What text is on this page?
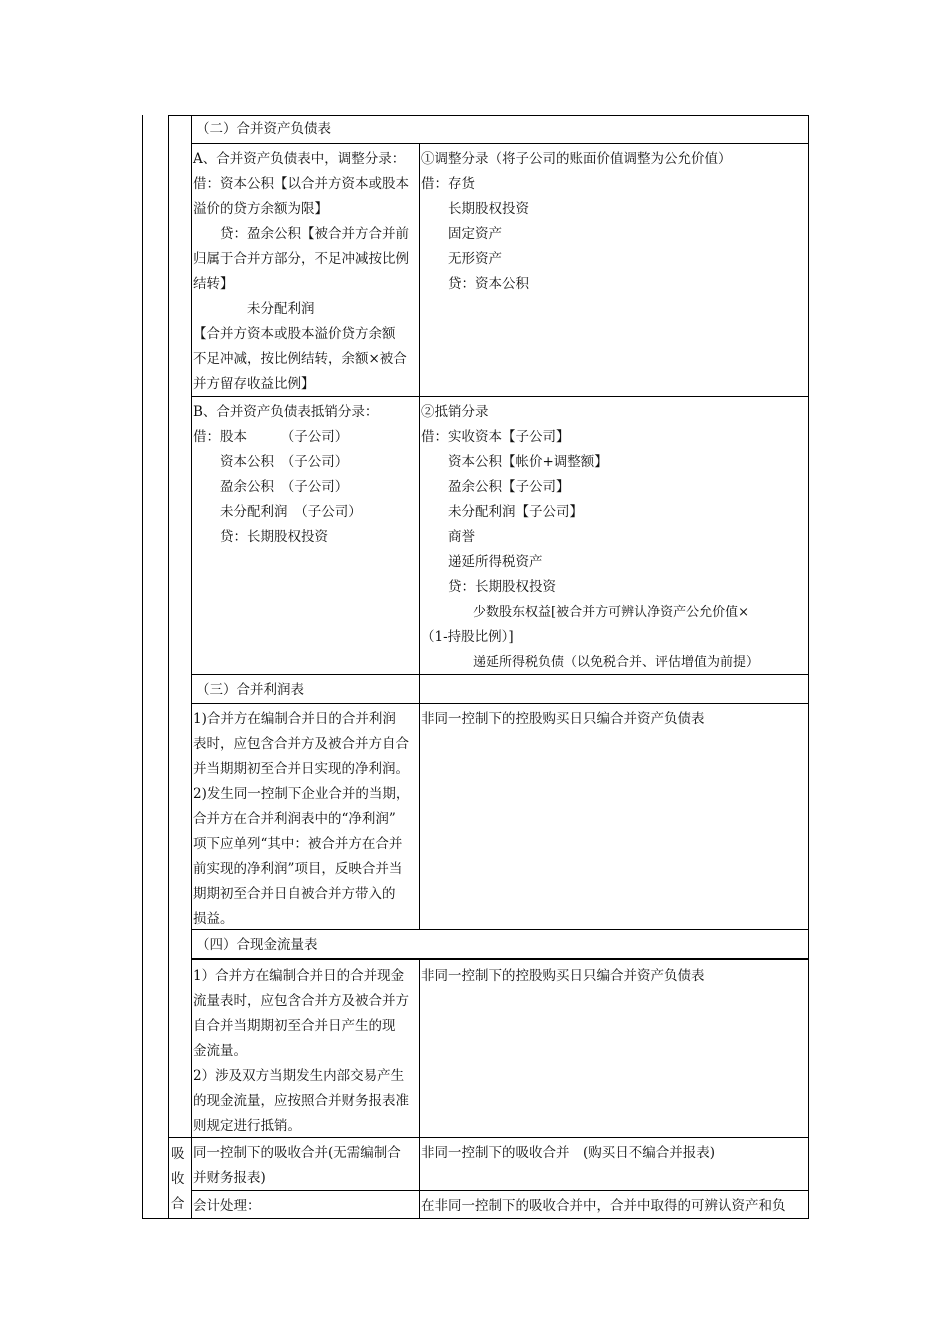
（二）合并资产负债表
A、合并资产负债表中，调整分录：
借：资本公积【以合并方资本或股本
溢价的贷方余额为限】
　　贷：盈余公积【被合并方合并前
归属于合并方部分，不足冲减按比例
结转】
　　　　未分配利润
【合并方资本或股本溢价贷方余额
不足冲减，按比例结转，余额×被合
并方留存收益比例】
①调整分录（将子公司的账面价值调整为公允价值）
借：存货
　　长期股权投资
　　固定资产
　　无形资产
　　贷：资本公积
B、合并资产负债表抵销分录：
借：股本　　　（子公司）
　　资本公积　（子公司）
　　盈余公积　（子公司）
　　未分配利润　（子公司）
　　贷：长期股权投资
②抵销分录
借：实收资本【子公司】
　　资本公积【帐价+调整额】
　　盈余公积【子公司】
　　未分配利润【子公司】
　　商誉
　　递延所得税资产
　　贷：长期股权投资
　　　　少数股东权益[被合并方可辨认净资产公允价值×
（1-持股比例）]
　　　　递延所得税负债（以免税合并、评估增值为前提）
（三）合并利润表
1)合并方在编制合并日的合并利润
表时，应包含合并方及被合并方自合
并当期期初至合并日实现的净利润。
2)发生同一控制下企业合并的当期，
合并方在合并利润表中的“净利润”
项下应单列“其中：被合并方在合并
前实现的净利润”项目，反映合并当
期期初至合并日自被合并方带入的
损益。
非同一控制下的控股购买日只编合并资产负债表
（四）合现金流量表
1）合并方在编制合并日的合并现金
流量表时，应包含合并方及被合并方
自合并当期期初至合并日产生的现
金流量。
2）涉及双方当期发生内部交易产生
的现金流量，应按照合并财务报表准
则规定进行抵销。
非同一控制下的控股购买日只编合并资产负债表
吸
收
合
同一控制下的吸收合并(无需编制合
并财务报表)
非同一控制下的吸收合并　(购买日不编合并报表)
会计处理：	在非同一控制下的吸收合并中，合并中取得的可辨认资产和负
